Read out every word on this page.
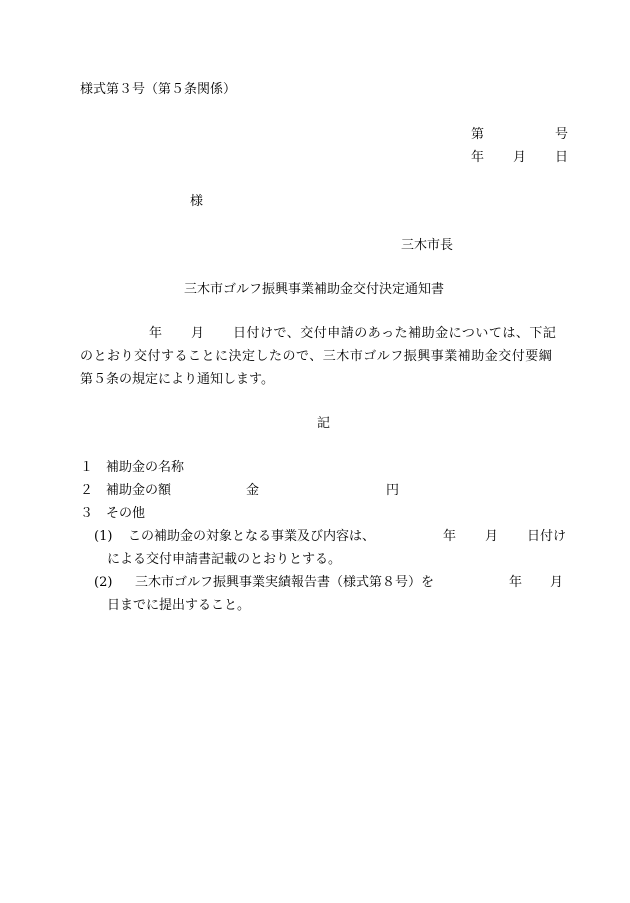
様式第３号（第５条関係）

第	号

年 月 日

様

三木市長

三木市ゴルフ振興事業補助金交付決定通知書

年 月 日付けで、交付申請のあった補助金については、下記

のとおり交付することに決定したので、三木市ゴルフ振興事業補助金交付要綱

第５条の規定により通知します。

記

１ 補助金の名称

２ 補助金の額	金	円

３ その他

(1) この補助金の対象となる事業及び内容は、	年 月 日付け

による交付申請書記載のとおりとする。

(2) 三木市ゴルフ振興事業実績報告書（様式第８号）を	年 月

日までに提出すること。
